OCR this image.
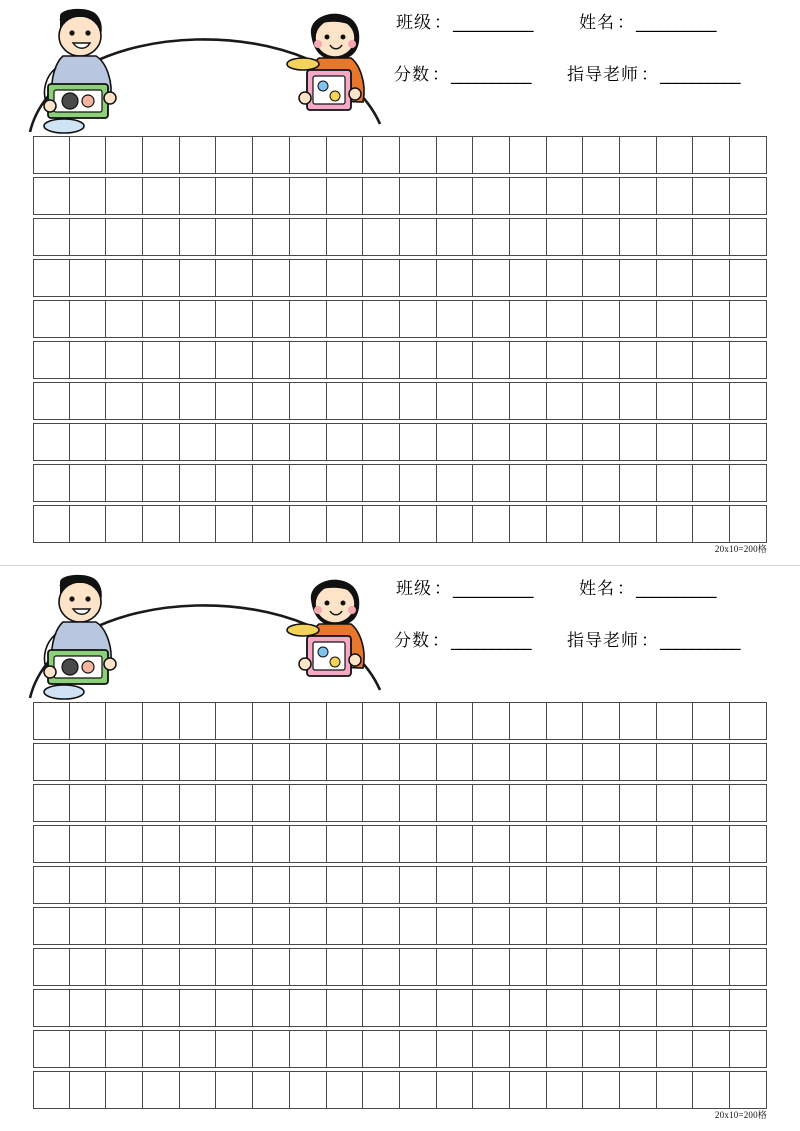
班级 ： __________	姓名 ： __________
分数 ： __________ 指导老师 ： __________
20x10=200格
班级 ： __________	姓名 ： __________
分数 ： __________ 指导老师 ： __________
20x10=200格
